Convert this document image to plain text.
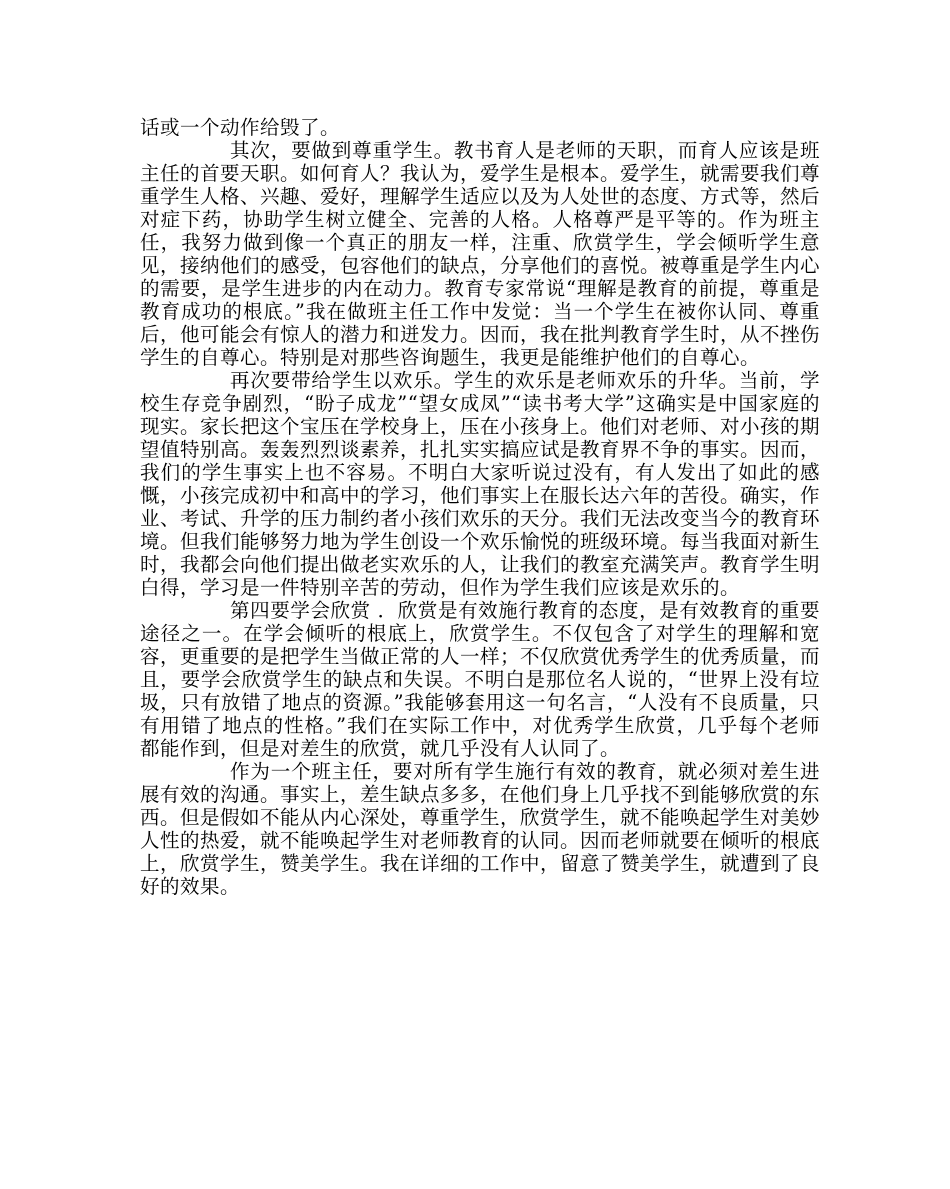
话或一个动作给毁了。

其次，要做到尊重学生。教书育人是老师的天职，而育人应该是班主任的首要天职。如何育人？我认为，爱学生是根本。爱学生，就需要我们尊重学生人格、兴趣、爱好，理解学生适应以及为人处世的态度、方式等，然后对症下药，协助学生树立健全、完善的人格。人格尊严是平等的。作为班主任，我努力做到像一个真正的朋友一样，注重、欣赏学生，学会倾听学生意见，接纳他们的感受，包容他们的缺点，分享他们的喜悦。被尊重是学生内心的需要，是学生进步的内在动力。教育专家常说“理解是教育的前提，尊重是教育成功的根底。”我在做班主任工作中发觉：当一个学生在被你认同、尊重后，他可能会有惊人的潜力和迸发力。因而，我在批判教育学生时，从不挫伤学生的自尊心。特别是对那些咨询题生，我更是能维护他们的自尊心。

再次要带给学生以欢乐。学生的欢乐是老师欢乐的升华。当前，学校生存竞争剧烈，“盼子成龙”“望女成凤”“读书考大学”这确实是中国家庭的现实。家长把这个宝压在学校身上，压在小孩身上。他们对老师、对小孩的期望值特别高。轰轰烈烈谈素养，扎扎实实搞应试是教育界不争的事实。因而，我们的学生事实上也不容易。不明白大家听说过没有，有人发出了如此的感慨，小孩完成初中和高中的学习，他们事实上在服长达六年的苦役。确实，作业、考试、升学的压力制约者小孩们欢乐的天分。我们无法改变当今的教育环境。但我们能够努力地为学生创设一个欢乐愉悦的班级环境。每当我面对新生时，我都会向他们提出做老实欢乐的人，让我们的教室充满笑声。教育学生明白得，学习是一件特别辛苦的劳动，但作为学生我们应该是欢乐的。

第四要学会欣赏 ．欣赏是有效施行教育的态度，是有效教育的重要途径之一。在学会倾听的根底上，欣赏学生。不仅包含了对学生的理解和宽容，更重要的是把学生当做正常的人一样；不仅欣赏优秀学生的优秀质量，而且，要学会欣赏学生的缺点和失误。不明白是那位名人说的，“世界上没有垃圾，只有放错了地点的资源。”我能够套用这一句名言，“人没有不良质量，只有用错了地点的性格。”我们在实际工作中，对优秀学生欣赏，几乎每个老师都能作到，但是对差生的欣赏，就几乎没有人认同了。

作为一个班主任，要对所有学生施行有效的教育，就必须对差生进展有效的沟通。事实上，差生缺点多多，在他们身上几乎找不到能够欣赏的东西。但是假如不能从内心深处，尊重学生，欣赏学生，就不能唤起学生对美妙人性的热爱，就不能唤起学生对老师教育的认同。因而老师就要在倾听的根底上，欣赏学生，赞美学生。我在详细的工作中，留意了赞美学生，就遭到了良好的效果。
